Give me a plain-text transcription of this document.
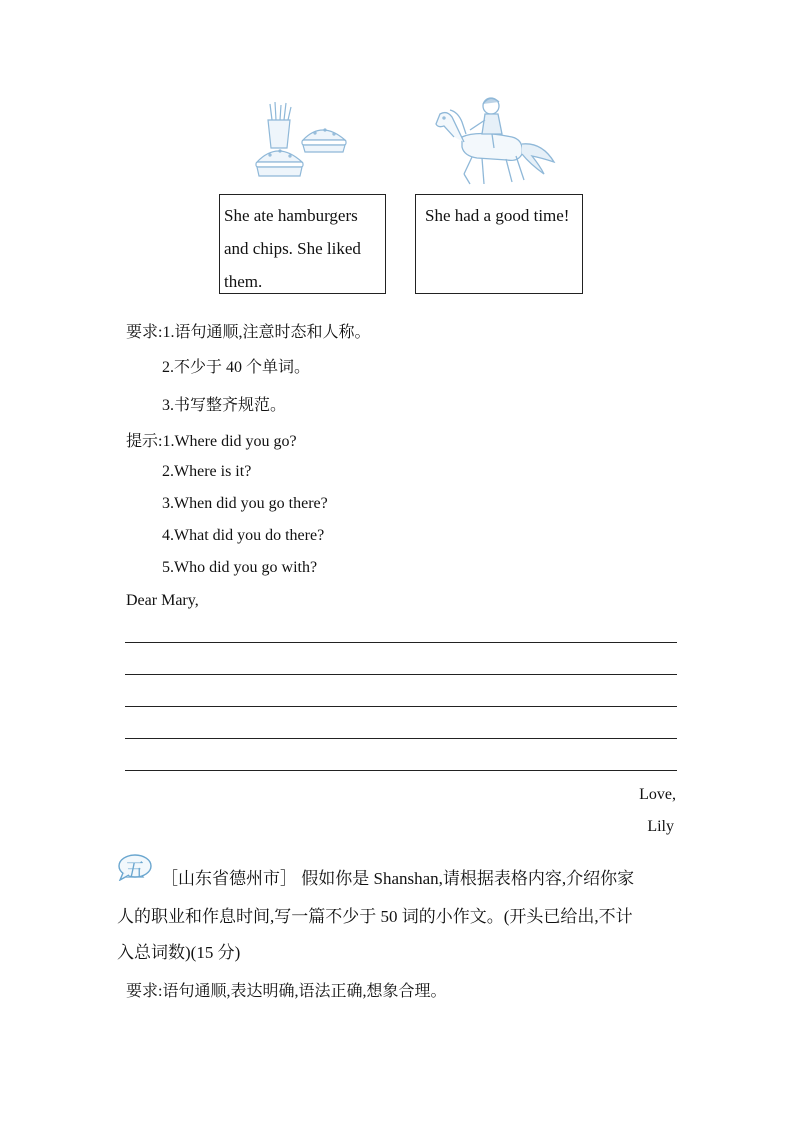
She ate hamburgers and chips. She liked them.
She had a good time!
要求:1.语句通顺,注意时态和人称。
2.不少于 40 个单词。
3.书写整齐规范。
提示:1.Where did you go?
2.Where is it?
3.When did you go there?
4.What did you do there?
5.Who did you go with?
Dear Mary,
Love,
Lily
五 ［山东省德州市］ 假如你是 Shanshan,请根据表格内容,介绍你家
人的职业和作息时间,写一篇不少于 50 词的小作文。(开头已给出,不计
入总词数)(15 分)
要求:语句通顺,表达明确,语法正确,想象合理。
